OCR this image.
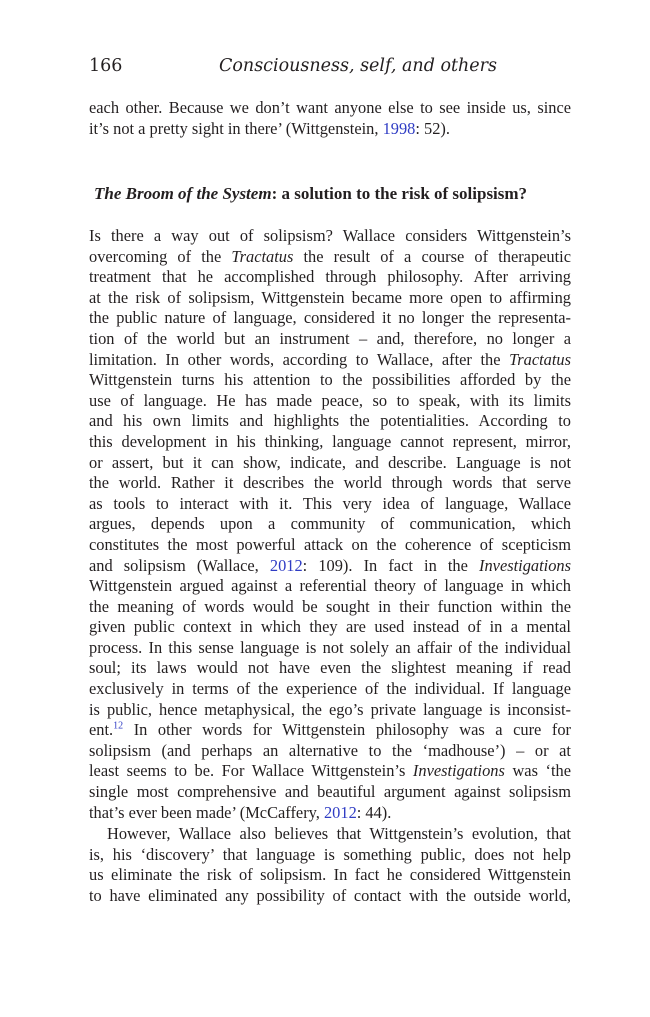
166	Consciousness, self, and others
each other. Because we don’t want anyone else to see inside us, since
it’s not a pretty sight in there’ (Wittgenstein, 1998: 52).
The Broom of the System: a solution to the risk of solipsism?
Is there a way out of solipsism? Wallace considers Wittgenstein’s
overcoming of the Tractatus the result of a course of therapeutic
treatment that he accomplished through philosophy. After arriving
at the risk of solipsism, Wittgenstein became more open to affirming
the public nature of language, considered it no longer the representa-
tion of the world but an instrument – and, therefore, no longer a
limitation. In other words, according to Wallace, after the Tractatus
Wittgenstein turns his attention to the possibilities afforded by the
use of language. He has made peace, so to speak, with its limits
and his own limits and highlights the potentialities. According to
this development in his thinking, language cannot represent, mirror,
or assert, but it can show, indicate, and describe. Language is not
the world. Rather it describes the world through words that serve
as tools to interact with it. This very idea of language, Wallace
argues, depends upon a community of communication, which
constitutes the most powerful attack on the coherence of scepticism
and solipsism (Wallace, 2012: 109). In fact in the Investigations
Wittgenstein argued against a referential theory of language in which
the meaning of words would be sought in their function within the
given public context in which they are used instead of in a mental
process. In this sense language is not solely an affair of the individual
soul; its laws would not have even the slightest meaning if read
exclusively in terms of the experience of the individual. If language
is public, hence metaphysical, the ego’s private language is inconsist-
ent.$^{12}$ In other words for Wittgenstein philosophy was a cure for
solipsism (and perhaps an alternative to the ‘madhouse’) – or at
least seems to be. For Wallace Wittgenstein’s Investigations was ‘the
single most comprehensive and beautiful argument against solipsism
that’s ever been made’ (McCaffery, 2012: 44).
However, Wallace also believes that Wittgenstein’s evolution, that
is, his ‘discovery’ that language is something public, does not help
us eliminate the risk of solipsism. In fact he considered Wittgenstein
to have eliminated any possibility of contact with the outside world,
